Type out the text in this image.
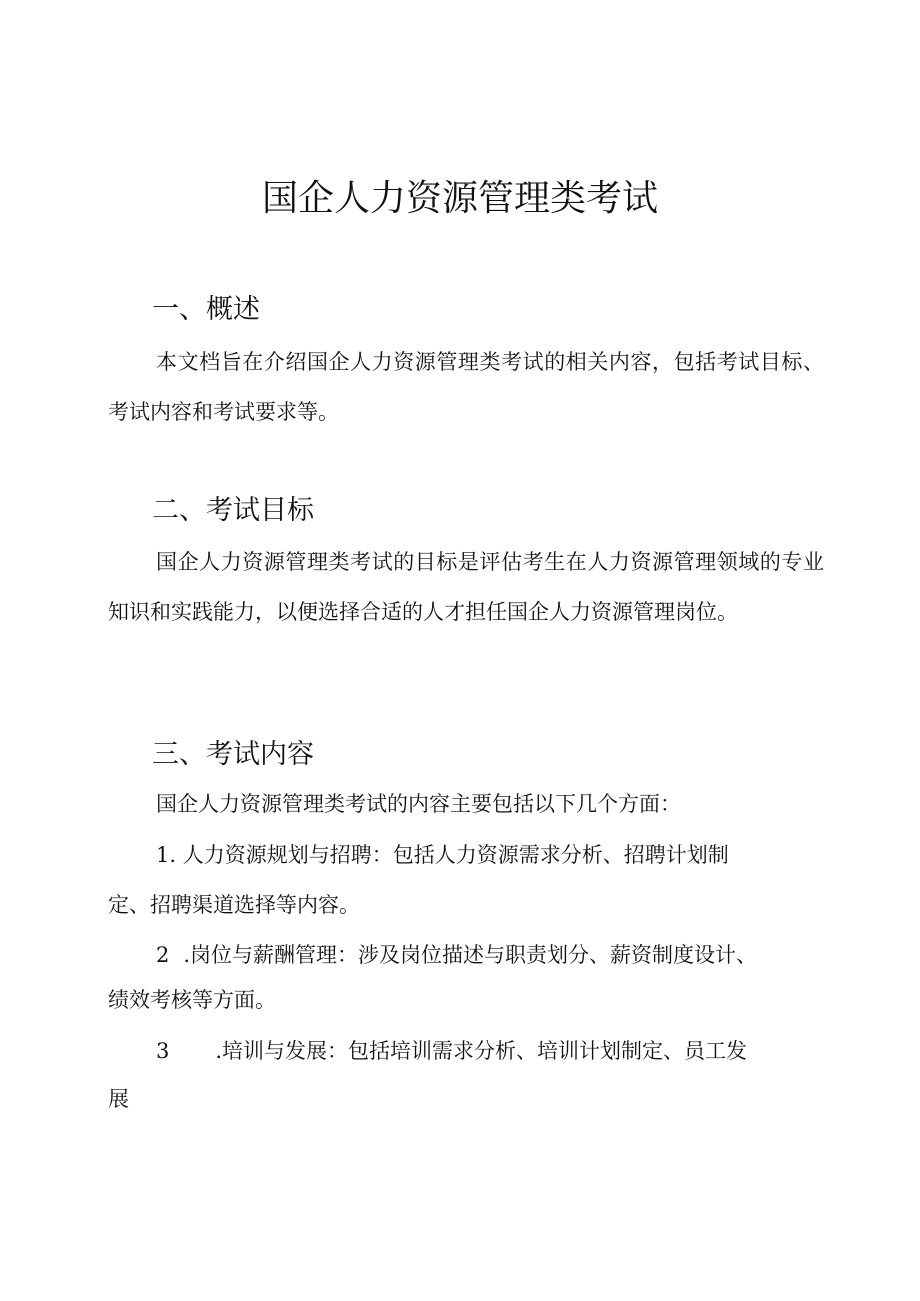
国企人力资源管理类考试
一、概述

本文档旨在介绍国企人力资源管理类考试的相关内容，包括考试目标、考试内容和考试要求等。

二、考试目标

国企人力资源管理类考试的目标是评估考生在人力资源管理领域的专业知识和实践能力，以便选择合适的人才担任国企人力资源管理岗位。

三、考试内容

国企人力资源管理类考试的内容主要包括以下几个方面：

1. 人力资源规划与招聘：包括人力资源需求分析、招聘计划制

定、招聘渠道选择等内容。

2 .岗位与薪酬管理：涉及岗位描述与职责划分、薪资制度设计、

绩效考核等方面。

3 .培训与发展：包括培训需求分析、培训计划制定、员工发

展
